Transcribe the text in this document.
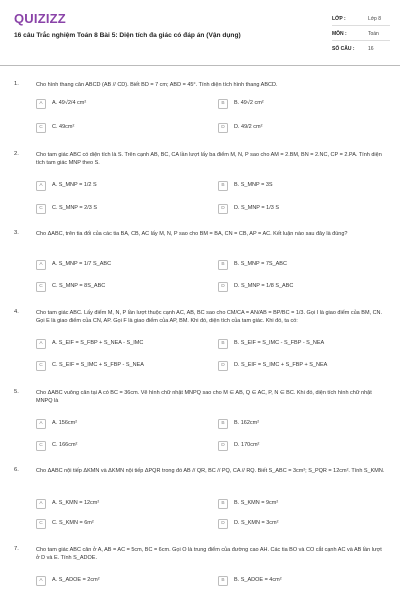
QUIZIZZ
16 câu Trắc nghiệm Toán 8 Bài 5: Diện tích đa giác có đáp án (Vận dụng)
LỚP :	Lớp 8
MÔN :	Toán
SỐ CÂU :	16
1.	Cho hình thang cân ABCD (AB // CD). Biết BD = 7 cm; ABD = 45°. Tính diện tích hình thang ABCD.
A	A. 49√2/4 cm²	B	B. 49√2 cm²
C	C. 49cm²	D	D. 49/2 cm²
2.	Cho tam giác ABC có diện tích là S. Trên cạnh AB, BC, CA lần lượt lấy ba điểm M, N, P sao cho AM = 2.BM, BN = 2.NC, CP = 2.PA. Tính diện tích tam giác MNP theo S.
A	A. S_MNP = 1/2 S	B	B. S_MNP = 3S
C	C. S_MNP = 2/3 S	D	D. S_MNP = 1/3 S
3.	Cho ΔABC, trên tia đối của các tia BA, CB, AC lấy M, N, P sao cho BM = BA, CN = CB, AP = AC. Kết luận nào sau đây là đúng?
A	A. S_MNP = 1/7 S_ABC	B	B. S_MNP = 7S_ABC
C	C. S_MNP = 8S_ABC	D	D. S_MNP = 1/8 S_ABC
4.	Cho tam giác ABC. Lấy điểm M, N, P lần lượt thuộc cạnh AC, AB, BC sao cho CM/CA = AN/AB = BP/BC = 1/3. Gọi I là giao điểm của BM, CN. Gọi E là giao điểm của CN, AP. Gọi F là giao điểm của AP, BM. Khi đó, diện tích của tam giác. Khi đó, ta có:
A	A. S_EIF = S_FBP + S_NEA - S_IMC	B	B. S_EIF = S_IMC - S_FBP - S_NEA
C	C. S_EIF = S_IMC + S_FBP - S_NEA	D	D. S_EIF = S_IMC + S_FBP + S_NEA
5.	Cho ΔABC vuông cân tại A có BC = 36cm. Vẽ hình chữ nhật MNPQ sao cho M ∈ AB, Q ∈ AC, P, N ∈ BC. Khi đó, diện tích hình chữ nhật MNPQ là
A	A. 156cm²	B	B. 162cm²
C	C. 166cm²	D	D. 170cm²
6.	Cho ΔABC nội tiếp ΔKMN và ΔKMN nội tiếp ΔPQR trong đó AB // QR, BC // PQ, CA // RQ. Biết S_ABC = 3cm²; S_PQR = 12cm². Tính S_KMN.
A	A. S_KMN = 12cm²	B	B. S_KMN = 9cm²
C	C. S_KMN = 6m²	D	D. S_KMN = 3cm²
7.	Cho tam giác ABC cân ở A, AB = AC = 5cm, BC = 6cm. Gọi O là trung điểm của đường cao AH. Các tia BO và CO cắt cạnh AC và AB lần lượt ở D và E. Tính S_ADOE.
A	A. S_ADOE = 2cm²	B	B. S_ADOE = 4cm²
